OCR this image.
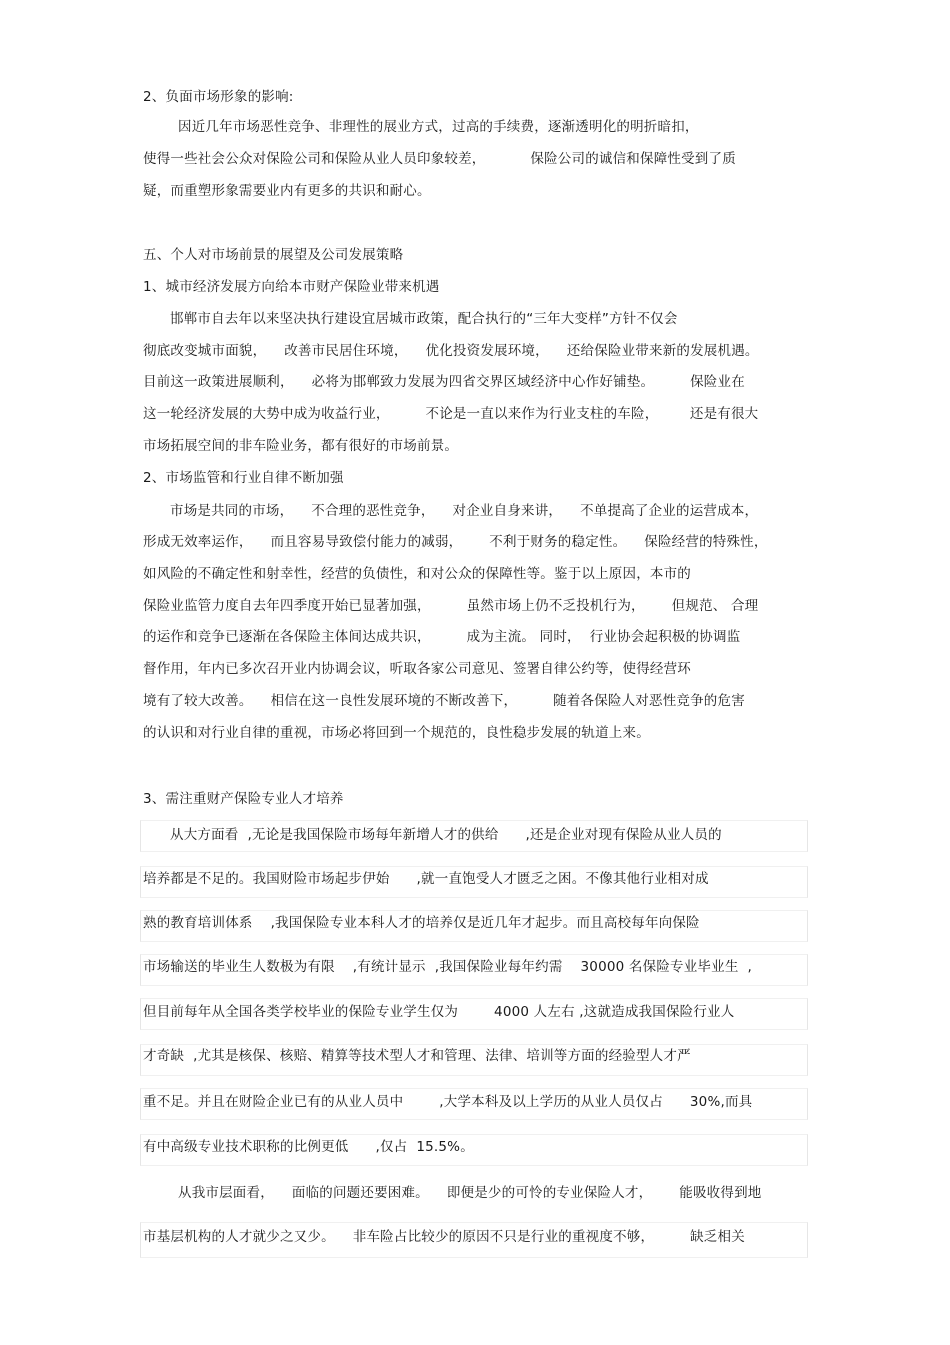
2、负面市场形象的影响:

因近几年市场恶性竞争、非理性的展业方式，过高的手续费，逐渐透明化的明折暗扣，

使得一些社会公众对保险公司和保险从业人员印象较差，          保险公司的诚信和保障性受到了质

疑，而重塑形象需要业内有更多的共识和耐心。

五、个人对市场前景的展望及公司发展策略

1、城市经济发展方向给本市财产保险业带来机遇

邯郸市自去年以来坚决执行建设宜居城市政策，配合执行的“三年大变样”方针不仅会

彻底改变城市面貌，    改善市民居住环境，    优化投资发展环境，    还给保险业带来新的发展机遇。

目前这一政策进展顺利，    必将为邯郸致力发展为四省交界区域经济中心作好铺垫。        保险业在

这一轮经济发展的大势中成为收益行业，        不论是一直以来作为行业支柱的车险，       还是有很大

市场拓展空间的非车险业务，都有很好的市场前景。

2、市场监管和行业自律不断加强

市场是共同的市场，    不合理的恶性竞争，    对企业自身来讲，    不单提高了企业的运营成本，

形成无效率运作，    而且容易导致偿付能力的减弱，      不利于财务的稳定性。    保险经营的特殊性，

如风险的不确定性和射幸性，经营的负债性，和对公众的保障性等。鉴于以上原因，本市的

保险业监管力度自去年四季度开始已显著加强，        虽然市场上仍不乏投机行为，      但规范、 合理

的运作和竞争已逐渐在各保险主体间达成共识，        成为主流。 同时，  行业协会起积极的协调监

督作用，年内已多次召开业内协调会议，听取各家公司意见、签署自律公约等，使得经营环

境有了较大改善。    相信在这一良性发展环境的不断改善下，        随着各保险人对恶性竞争的危害

的认识和对行业自律的重视，市场必将回到一个规范的，良性稳步发展的轨道上来。

3、需注重财产保险专业人才培养

从大方面看  ,无论是我国保险市场每年新增人才的供给      ,还是企业对现有保险从业人员的

培养都是不足的。我国财险市场起步伊始      ,就一直饱受人才匮乏之困。不像其他行业相对成

熟的教育培训体系    ,我国保险专业本科人才的培养仅是近几年才起步。而且高校每年向保险

市场输送的毕业生人数极为有限    ,有统计显示  ,我国保险业每年约需    30000 名保险专业毕业生  ,

但目前每年从全国各类学校毕业的保险专业学生仅为        4000 人左右 ,这就造成我国保险行业人

才奇缺  ,尤其是核保、核赔、精算等技术型人才和管理、法律、培训等方面的经验型人才严

重不足。并且在财险企业已有的从业人员中        ,大学本科及以上学历的从业人员仅占      30%,而具

有中高级专业技术职称的比例更低      ,仅占  15.5%。

从我市层面看，    面临的问题还要困难。    即便是少的可怜的专业保险人才，      能吸收得到地

市基层机构的人才就少之又少。    非车险占比较少的原因不只是行业的重视度不够，        缺乏相关
